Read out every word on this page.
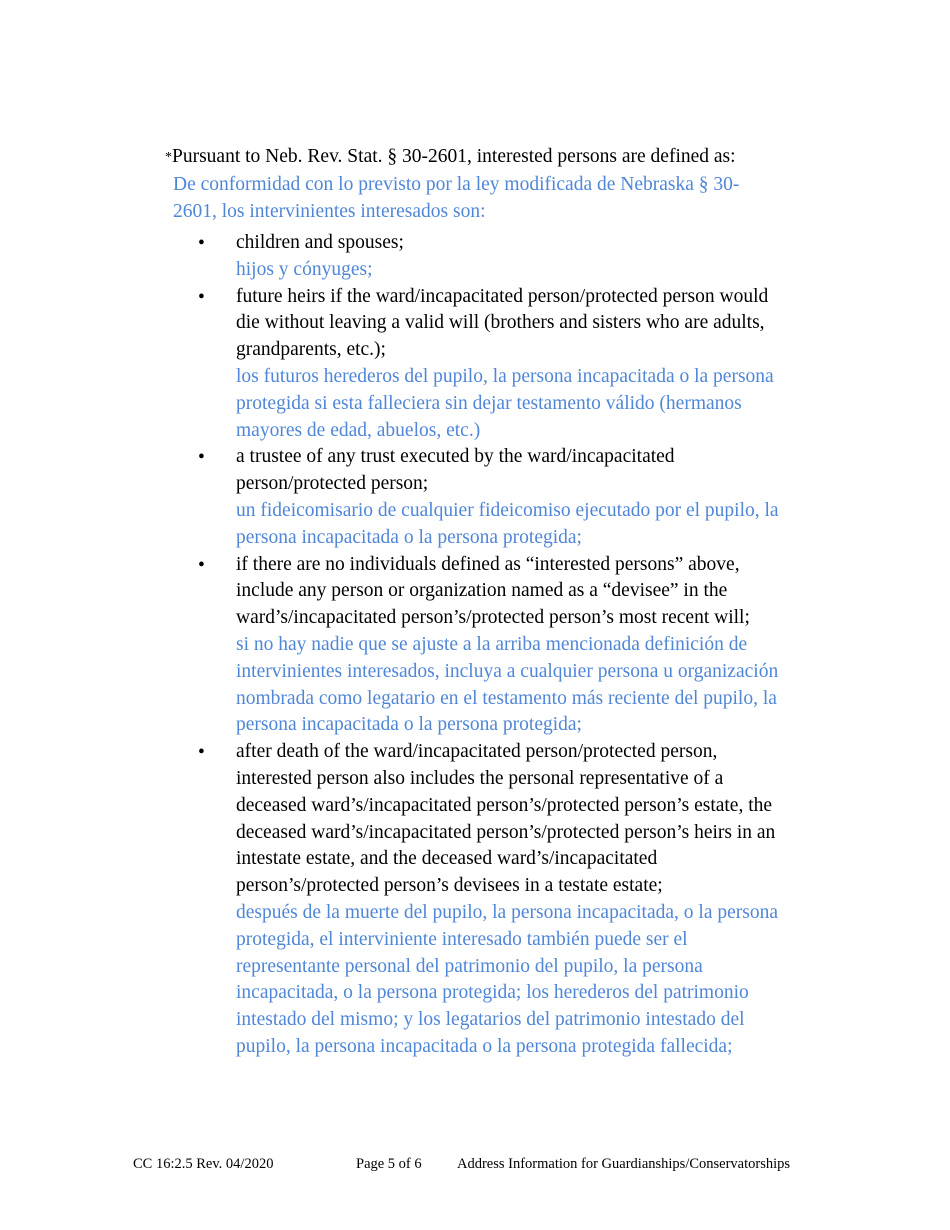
*Pursuant to Neb. Rev. Stat. § 30-2601, interested persons are defined as:
De conformidad con lo previsto por la ley modificada de Nebraska § 30-2601, los intervinientes interesados son:
• children and spouses;
hijos y cónyuges;
• future heirs if the ward/incapacitated person/protected person would die without leaving a valid will (brothers and sisters who are adults, grandparents, etc.);
los futuros herederos del pupilo, la persona incapacitada o la persona protegida si esta falleciera sin dejar testamento válido (hermanos mayores de edad, abuelos, etc.)
• a trustee of any trust executed by the ward/incapacitated person/protected person;
un fideicomisario de cualquier fideicomiso ejecutado por el pupilo, la persona incapacitada o la persona protegida;
• if there are no individuals defined as “interested persons” above, include any person or organization named as a “devisee” in the ward’s/incapacitated person’s/protected person’s most recent will;
si no hay nadie que se ajuste a la arriba mencionada definición de intervinientes interesados, incluya a cualquier persona u organización nombrada como legatario en el testamento más reciente del pupilo, la persona incapacitada o la persona protegida;
• after death of the ward/incapacitated person/protected person, interested person also includes the personal representative of a deceased ward’s/incapacitated person’s/protected person’s estate, the deceased ward’s/incapacitated person’s/protected person’s heirs in an intestate estate, and the deceased ward’s/incapacitated person’s/protected person’s devisees in a testate estate;
después de la muerte del pupilo, la persona incapacitada, o la persona protegida, el interviniente interesado también puede ser el representante personal del patrimonio del pupilo, la persona incapacitada, o la persona protegida; los herederos del patrimonio intestado del mismo; y los legatarios del patrimonio intestado del pupilo, la persona incapacitada o la persona protegida fallecida;
CC 16:2.5 Rev. 04/2020	Page 5 of 6 Address Information for Guardianships/Conservatorships
